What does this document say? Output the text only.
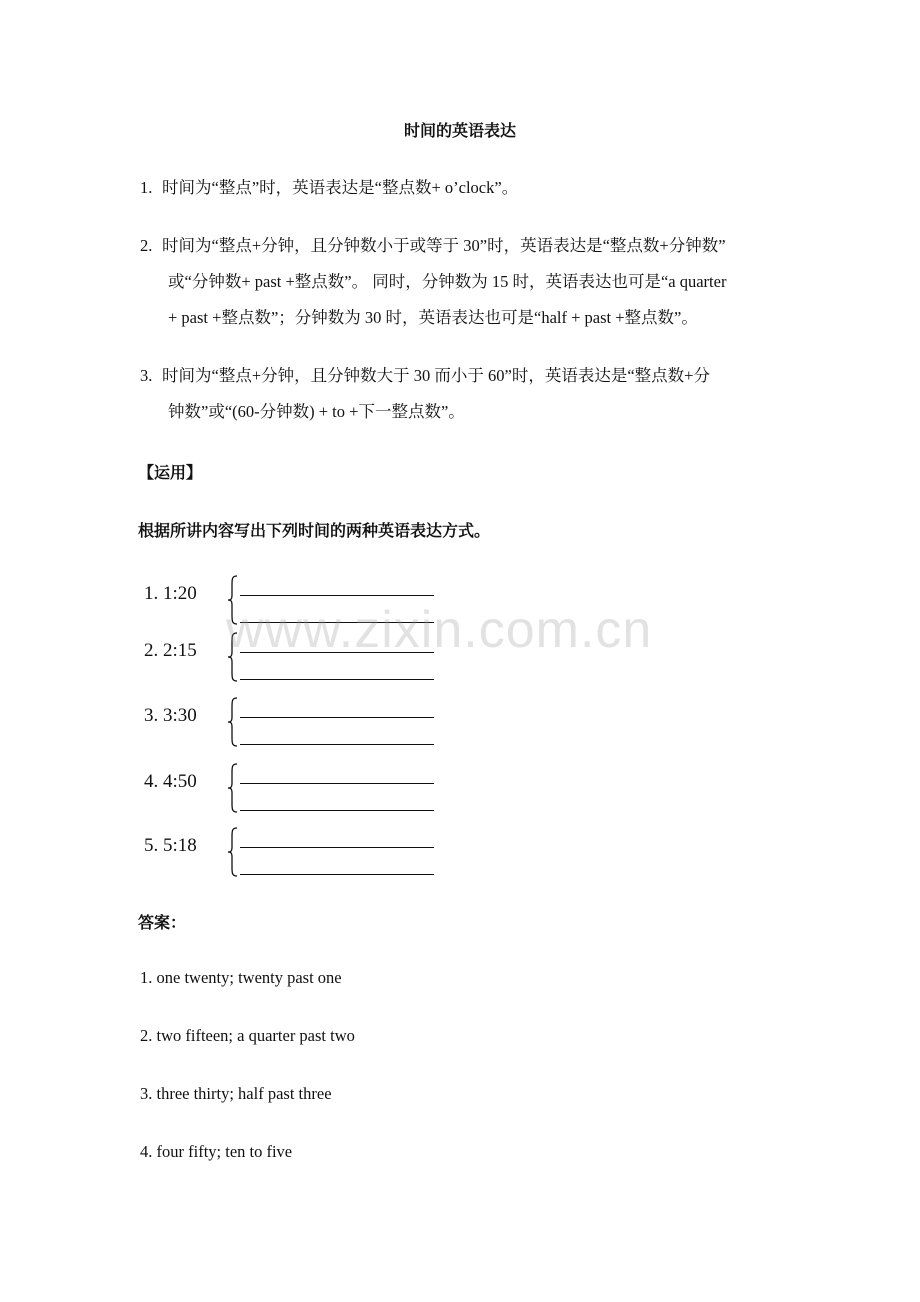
时间的英语表达
1. 时间为“整点”时，英语表达是“整点数+ o’clock”。
2. 时间为“整点+分钟，且分钟数小于或等于 30”时，英语表达是“整点数+分钟数”
或“分钟数+ past +整点数”。 同时，分钟数为 15 时，英语表达也可是“a quarter
+ past +整点数”；分钟数为 30 时，英语表达也可是“half + past +整点数”。
3. 时间为“整点+分钟，且分钟数大于 30 而小于 60”时，英语表达是“整点数+分
钟数”或“(60-分钟数) + to +下一整点数”。
【运用】
根据所讲内容写出下列时间的两种英语表达方式。
1. 1:20
2. 2:15
3. 3:30
4. 4:50
5. 5:18
答案：
1. one twenty; twenty past one
2. two fifteen; a quarter past two
3. three thirty; half past three
4. four fifty; ten to five
www.zixin.com.cn
